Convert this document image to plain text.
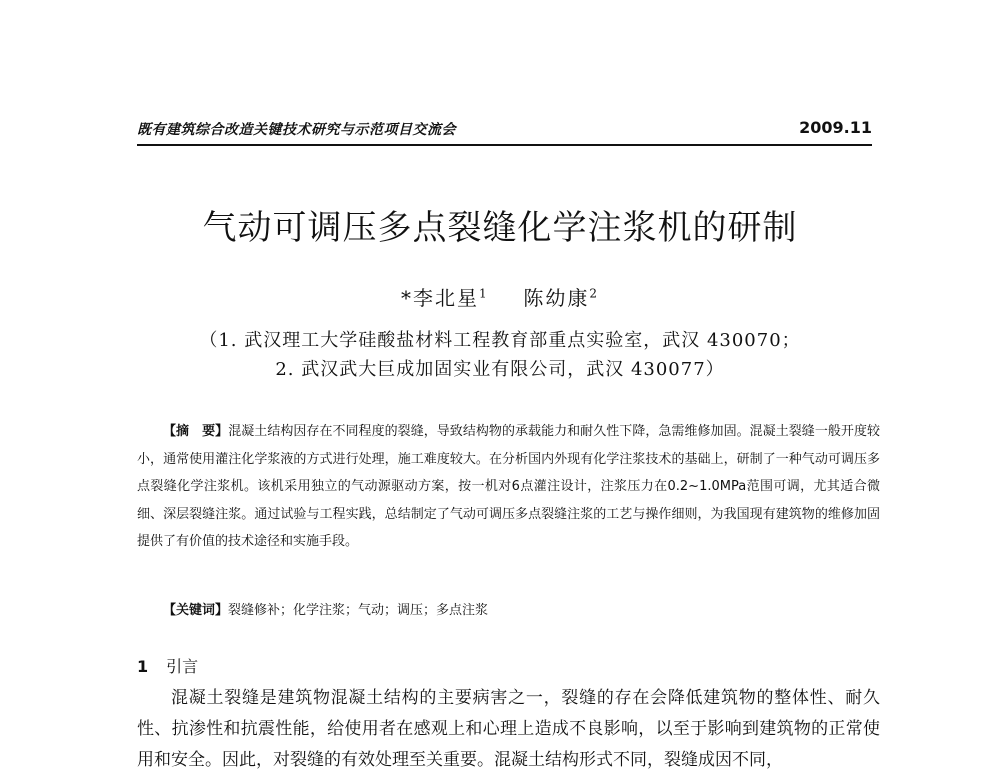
既有建筑综合改造关键技术研究与示范项目交流会	2009.11
气动可调压多点裂缝化学注浆机的研制
*李北星$^1$ 陈幼康$^2$
（1. 武汉理工大学硅酸盐材料工程教育部重点实验室，武汉 430070；
2. 武汉武大巨成加固实业有限公司，武汉 430077）
【摘　要】混凝土结构因存在不同程度的裂缝，导致结构物的承载能力和耐久性下降，急需维修加固。混凝土裂缝一般开度较小，通常使用灌注化学浆液的方式进行处理，施工难度较大。在分析国内外现有化学注浆技术的基础上，研制了一种气动可调压多点裂缝化学注浆机。该机采用独立的气动源驱动方案，按一机对6点灌注设计，注浆压力在0.2~1.0MPa范围可调，尤其适合微细、深层裂缝注浆。通过试验与工程实践，总结制定了气动可调压多点裂缝注浆的工艺与操作细则，为我国现有建筑物的维修加固提供了有价值的技术途径和实施手段。
【关键词】裂缝修补；化学注浆；气动；调压；多点注浆
1 引言
混凝土裂缝是建筑物混凝土结构的主要病害之一，裂缝的存在会降低建筑物的整体性、耐久性、抗渗性和抗震性能，给使用者在感观上和心理上造成不良影响，以至于影响到建筑物的正常使用和安全。因此，对裂缝的有效处理至关重要。混凝土结构形式不同，裂缝成因不同，
